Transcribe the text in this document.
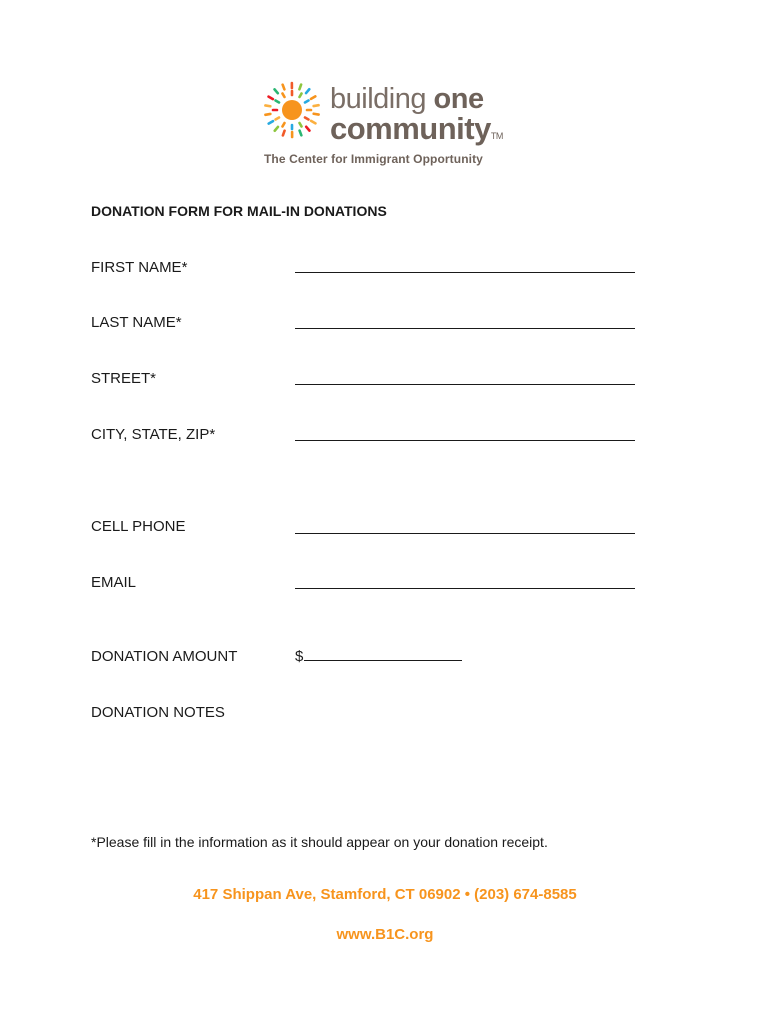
building one
communityTM
The Center for Immigrant Opportunity
DONATION FORM FOR MAIL-IN DONATIONS
FIRST NAME*
LAST NAME*
STREET*
CITY, STATE, ZIP*
CELL PHONE
EMAIL
DONATION AMOUNT	$
DONATION NOTES
*Please fill in the information as it should appear on your donation receipt.
417 Shippan Ave, Stamford, CT 06902 • (203) 674-8585
www.B1C.org
